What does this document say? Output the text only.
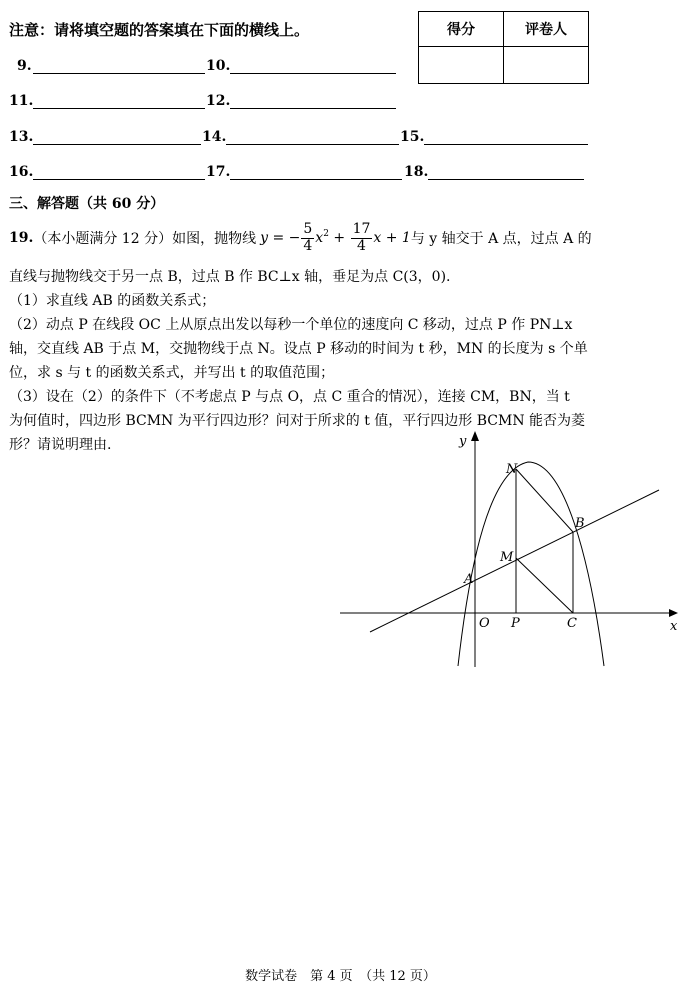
注意：请将填空题的答案填在下面的横线上。	得分	评卷人

9.	10.
11.	12.
13.	14.	15.
16.	17.	18.
三、解答题（共 60 分）
19. （本小题满分 12 分）如图，抛物线 y = − $\frac{5}{4} x^2 + \frac{17}{4}$ x + 1 与 y 轴交于 A 点，过点 A 的
直线与抛物线交于另一点 B，过点 B 作 BC⊥x 轴，垂足为点 C(3，0).
（1）求直线 AB 的函数关系式；
（2）动点 P 在线段 OC 上从原点出发以每秒一个单位的速度向 C 移动，过点 P 作 PN⊥x
轴，交直线 AB 于点 M，交抛物线于点 N。设点 P 移动的时间为 t 秒，MN 的长度为 s 个单
位，求 s 与 t 的函数关系式，并写出 t 的取值范围；
（3）设在（2）的条件下（不考虑点 P 与点 O，点 C 重合的情况），连接 CM，BN，当 t
为何值时，四边形 BCMN 为平行四边形？问对于所求的 t 值，平行四边形 BCMN 能否为菱
形？请说明理由.	y
x
O
A
B
C
M
N
P
数学试卷　第 4 页　（共 12 页）
